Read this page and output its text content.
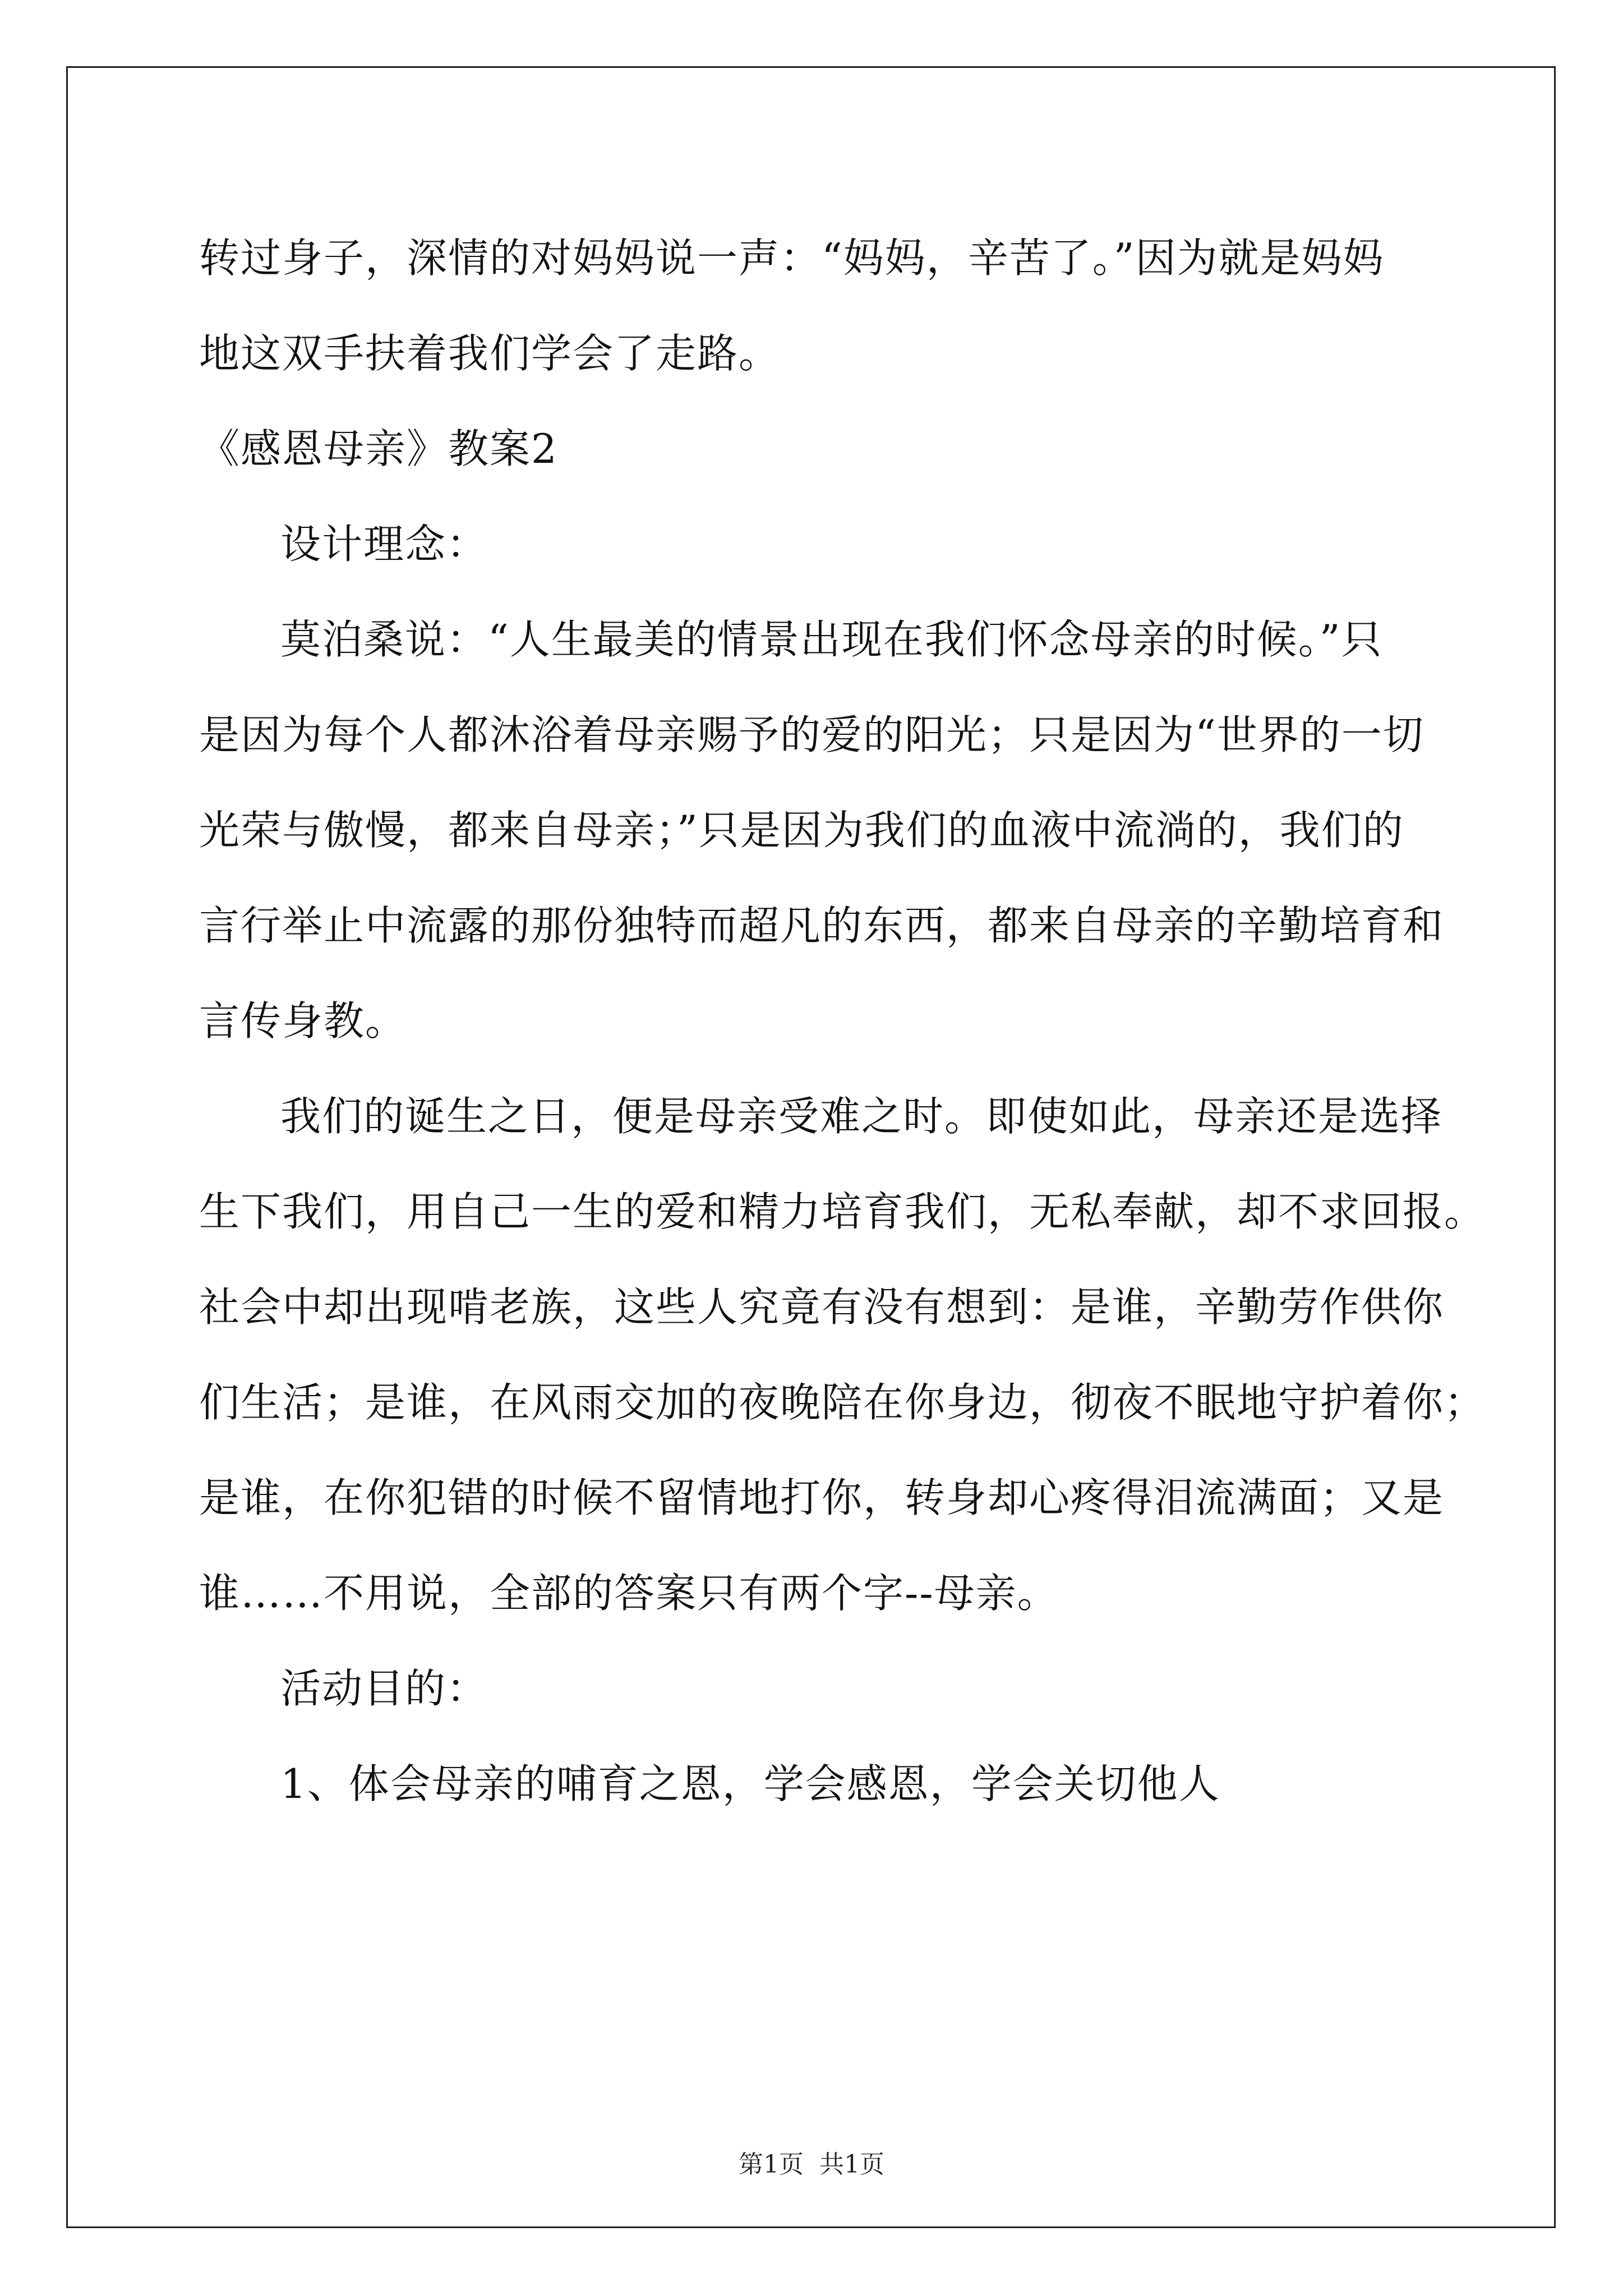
转过身子，深情的对妈妈说一声：“妈妈，辛苦了。”因为就是妈妈
地这双手扶着我们学会了走路。
《感恩母亲》教案2
设计理念：
莫泊桑说：“人生最美的情景出现在我们怀念母亲的时候。”只
是因为每个人都沐浴着母亲赐予的爱的阳光；只是因为“世界的一切
光荣与傲慢，都来自母亲；”只是因为我们的血液中流淌的，我们的
言行举止中流露的那份独特而超凡的东西，都来自母亲的辛勤培育和
言传身教。
我们的诞生之日，便是母亲受难之时。即使如此，母亲还是选择
生下我们，用自己一生的爱和精力培育我们，无私奉献，却不求回报。
社会中却出现啃老族，这些人究竟有没有想到：是谁，辛勤劳作供你
们生活；是谁，在风雨交加的夜晚陪在你身边，彻夜不眠地守护着你；
是谁，在你犯错的时候不留情地打你，转身却心疼得泪流满面；又是
谁……不用说，全部的答案只有两个字--母亲。
活动目的：
1、体会母亲的哺育之恩，学会感恩，学会关切他人
第1页 共1页
